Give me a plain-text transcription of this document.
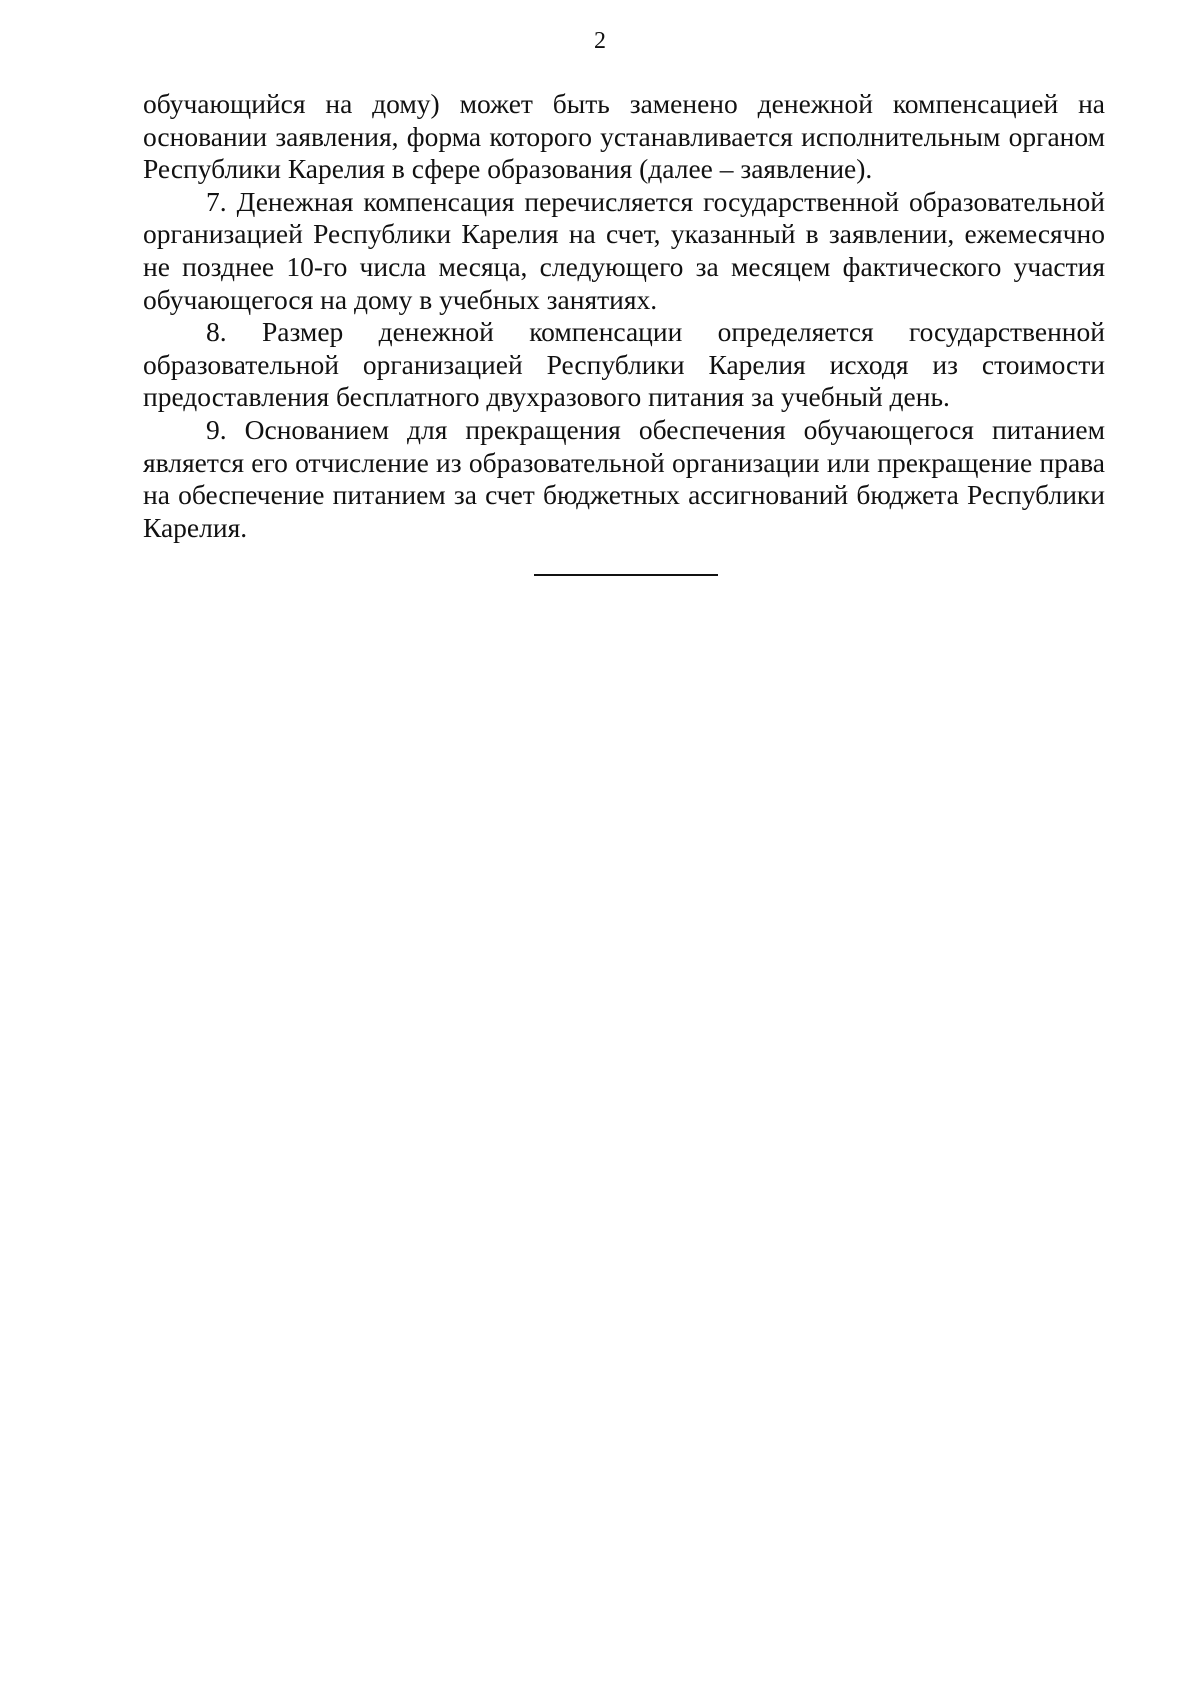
2

обучающийся на дому) может быть заменено денежной компенсацией на основании заявления, форма которого устанавливается исполнительным органом Республики Карелия в сфере образования (далее – заявление).

7. Денежная компенсация перечисляется государственной образовательной организацией Республики Карелия на счет, указанный в заявлении, ежемесячно не позднее 10-го числа месяца, следующего за месяцем фактического участия обучающегося на дому в учебных занятиях.

8. Размер денежной компенсации определяется государственной образовательной организацией Республики Карелия исходя из стоимости предоставления бесплатного двухразового питания за учебный день.

9. Основанием для прекращения обеспечения обучающегося питанием является его отчисление из образовательной организации или прекращение права на обеспечение питанием за счет бюджетных ассигнований бюджета Республики Карелия.
